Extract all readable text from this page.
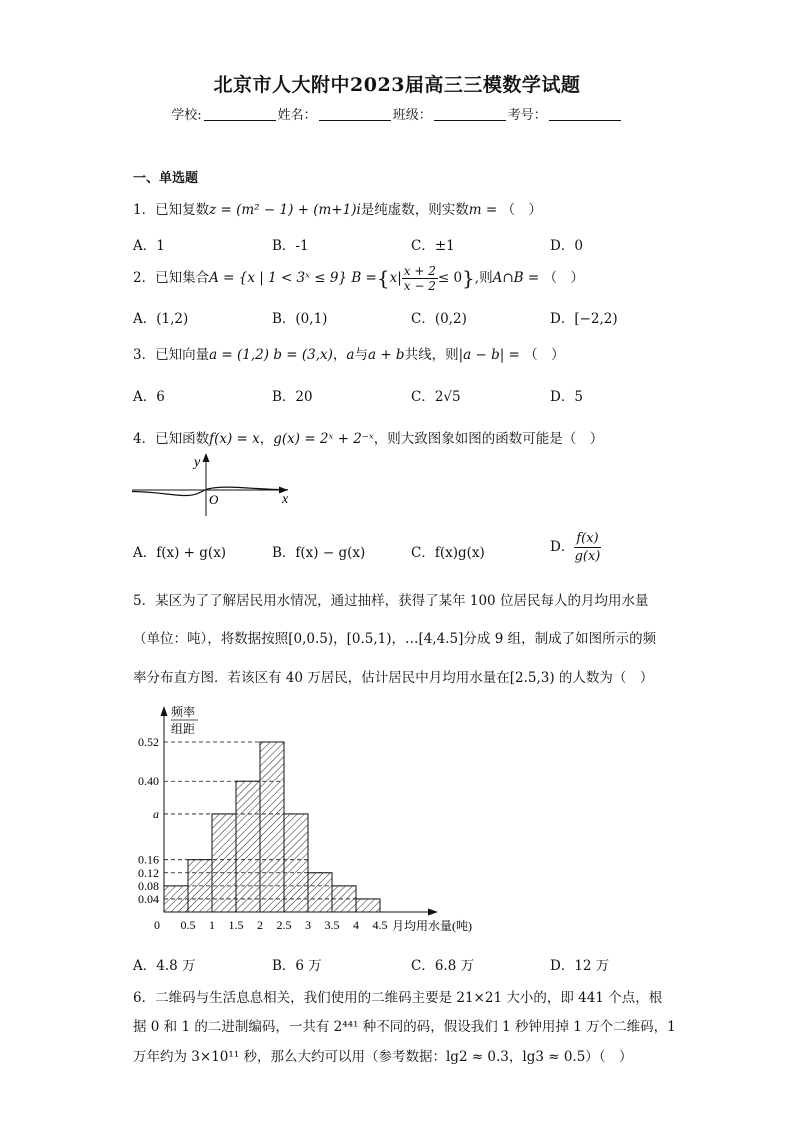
北京市人大附中2023届高三三模数学试题
学校:	姓名：	班级：	考号：
一、单选题
1．已知复数z = (m² − 1) + (m+1)i是纯虚数，则实数m = （　）
A．1	B．-1	C．±1	D．0
2．已知集合A = {x | 1 < 3ˣ ≤ 9} $B =\{x| \frac{x + 2}{x - 2} \le 0\}$,则A∩B = （　）
A．(1,2)	B．(0,1)	C．(0,2)	D．[−2,2)
3．已知向量a = (1,2) b = (3,x)，a与a + b共线，则|a − b| = （　）
A．6	B．20	C．2√5	D．5
4．已知函数f(x) = x，g(x) = 2ˣ + 2⁻ˣ，则大致图象如图的函数可能是（　）
y
x
O
A．f(x) + g(x)	B．f(x) − g(x)	C．f(x)g(x)	D． $\frac{f(x)}{g(x)}$
5．某区为了了解居民用水情况，通过抽样，获得了某年 100 位居民每人的月均用水量
（单位：吨），将数据按照[0,0.5)，[0.5,1)，…[4,4.5]分成 9 组，制成了如图所示的频
率分布直方图．若该区有 40 万居民，估计居民中月均用水量在[2.5,3) 的人数为（　）
0.04
0.08
0.12
0.16
a
0.40
0.52
0.5 1 1.5 2 2.5 3 3.5 4 4.5
频率
组距
0	月均用水量(吨)
A．4.8 万	B．6 万	C．6.8 万	D．12 万
6．二维码与生活息息相关，我们使用的二维码主要是 21×21 大小的，即 441 个点，根
据 0 和 1 的二进制编码，一共有 2⁴⁴¹ 种不同的码，假设我们 1 秒钟用掉 1 万个二维码，1
万年约为 3×10¹¹ 秒，那么大约可以用（参考数据：lg2 ≈ 0.3，lg3 ≈ 0.5）（　）
